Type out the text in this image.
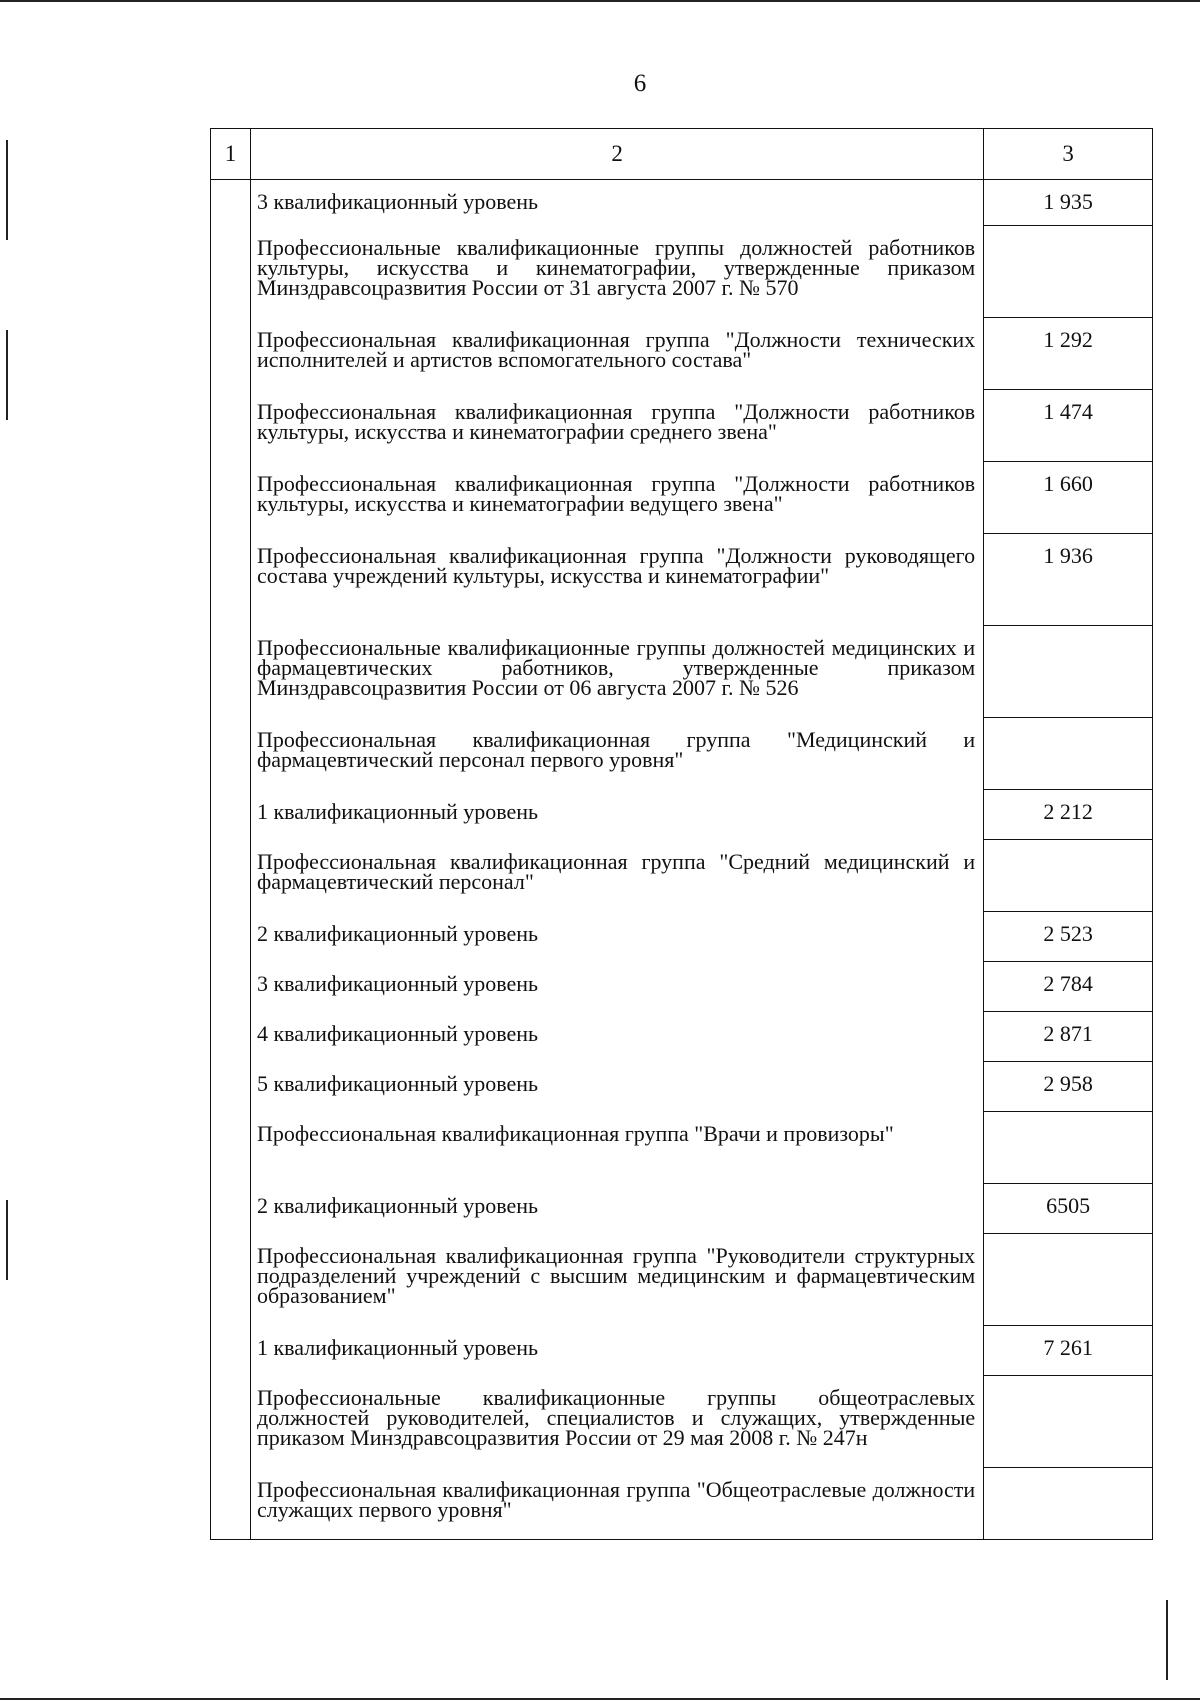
6
1	2	3
	3 квалификационный уровень	1 935
	Профессиональные квалификационные группы должностей работников культуры, искусства и кинематографии, утвержденные приказом Минздравсоцразвития России от 31 августа 2007 г. № 570	
	Профессиональная квалификационная группа "Должности технических исполнителей и артистов вспомогательного состава"	1 292
	Профессиональная квалификационная группа "Должности работников культуры, искусства и кинематографии среднего звена"	1 474
	Профессиональная квалификационная группа "Должности работников культуры, искусства и кинематографии ведущего звена"	1 660
	Профессиональная квалификационная группа "Должности руководящего состава учреждений культуры, искусства и кинематографии"	1 936
	Профессиональные квалификационные группы должностей медицинских и фармацевтических работников, утвержденные приказом Минздравсоцразвития России от 06 августа 2007 г. № 526	
	Профессиональная квалификационная группа "Медицинский и фармацевтический персонал первого уровня"	
	1 квалификационный уровень	2 212
	Профессиональная квалификационная группа "Средний медицинский и фармацевтический персонал"	
	2 квалификационный уровень	2 523
	3 квалификационный уровень	2 784
	4 квалификационный уровень	2 871
	5 квалификационный уровень	2 958
	Профессиональная квалификационная группа "Врачи и провизоры"	
	2 квалификационный уровень	6505
	Профессиональная квалификационная группа "Руководители структурных подразделений учреждений с высшим медицинским и фармацевтическим образованием"	
	1 квалификационный уровень	7 261
	Профессиональные квалификационные группы общеотраслевых должностей руководителей, специалистов и служащих, утвержденные приказом Минздравсоцразвития России от 29 мая 2008 г. № 247н	
	Профессиональная квалификационная группа "Общеотраслевые должности служащих первого уровня"	
